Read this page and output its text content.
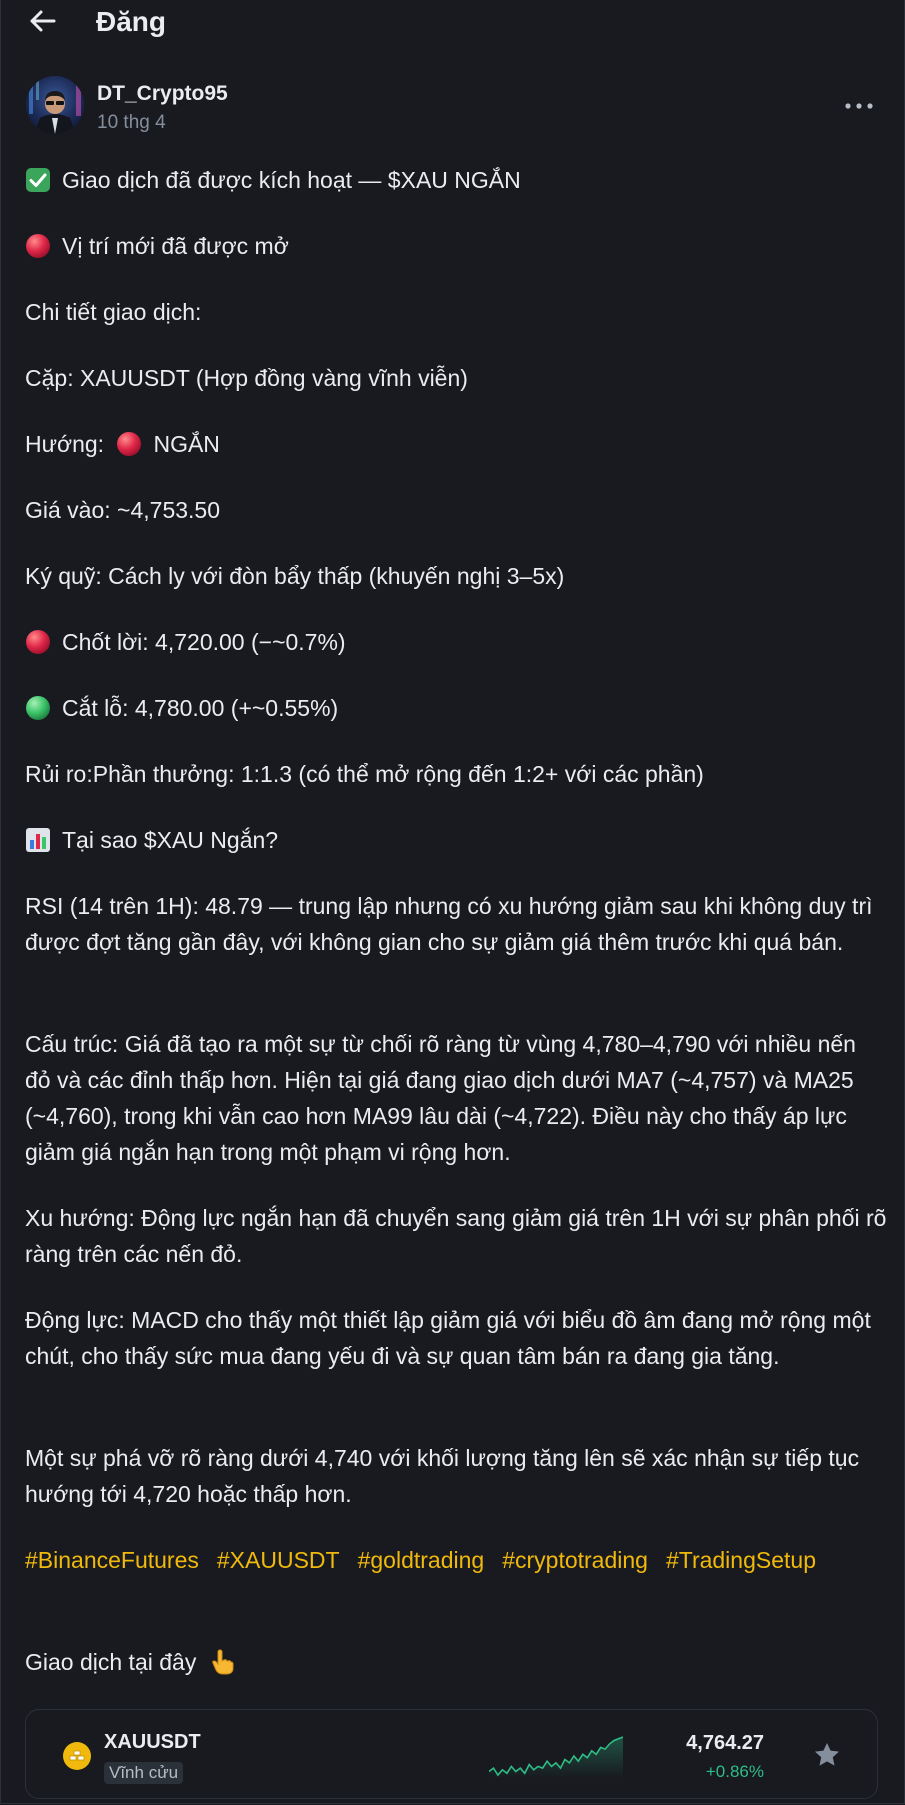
Đăng
DT_Crypto95
10 thg 4
Giao dịch đã được kích hoạt — $XAU NGẮN
Vị trí mới đã được mở
Chi tiết giao dịch:
Cặp: XAUUSDT (Hợp đồng vàng vĩnh viễn)
Hướng: NGẮN
Giá vào: ~4,753.50
Ký quỹ: Cách ly với đòn bẩy thấp (khuyến nghị 3–5x)
Chốt lời: 4,720.00 (−~0.7%)
Cắt lỗ: 4,780.00 (+~0.55%)
Rủi ro:Phần thưởng: 1:1.3 (có thể mở rộng đến 1:2+ với các phần)
Tại sao $XAU Ngắn?
RSI (14 trên 1H): 48.79 — trung lập nhưng có xu hướng giảm sau khi không duy trì được đợt tăng gần đây, với không gian cho sự giảm giá thêm trước khi quá bán.
Cấu trúc: Giá đã tạo ra một sự từ chối rõ ràng từ vùng 4,780–4,790 với nhiều nến đỏ và các đỉnh thấp hơn. Hiện tại giá đang giao dịch dưới MA7 (~4,757) và MA25 (~4,760), trong khi vẫn cao hơn MA99 lâu dài (~4,722). Điều này cho thấy áp lực giảm giá ngắn hạn trong một phạm vi rộng hơn.
Xu hướng: Động lực ngắn hạn đã chuyển sang giảm giá trên 1H với sự phân phối rõ ràng trên các nến đỏ.
Động lực: MACD cho thấy một thiết lập giảm giá với biểu đồ âm đang mở rộng một chút, cho thấy sức mua đang yếu đi và sự quan tâm bán ra đang gia tăng.
Một sự phá vỡ rõ ràng dưới 4,740 với khối lượng tăng lên sẽ xác nhận sự tiếp tục hướng tới 4,720 hoặc thấp hơn.
#BinanceFutures #XAUUSDT #goldtrading #cryptotrading #TradingSetup
Giao dịch tại đây
XAUUSDT
Vĩnh cửu
4,764.27
+0.86%
